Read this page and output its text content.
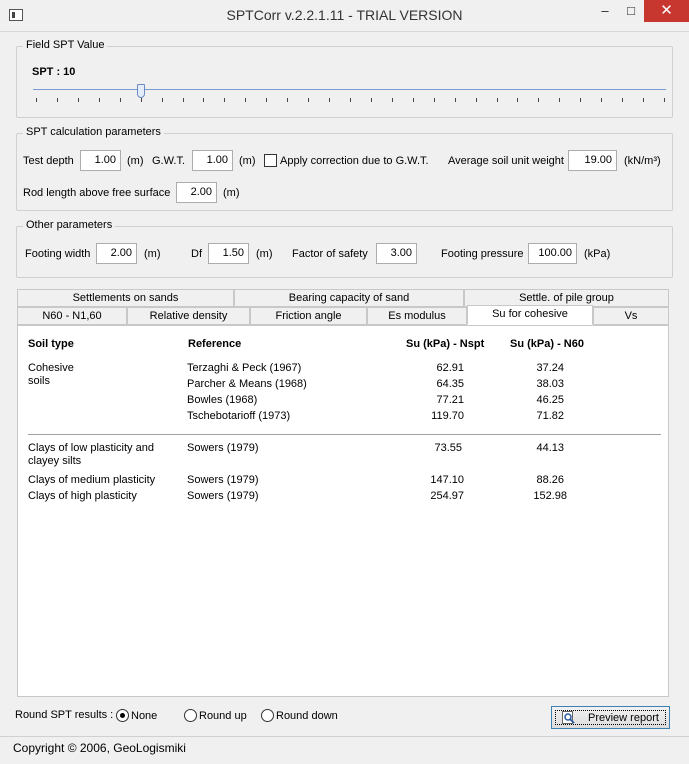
SPTCorr v.2.2.1.11 - TRIAL VERSION	–	□	✕
Field SPT Value
SPT : 10
SPT calculation parameters
Test depth	1.00	(m) G.W.T.	1.00	(m) Apply correction due to G.W.T. Average soil unit weight	19.00	(kN/m³)
Rod length above free surface	2.00	(m)
Other parameters
Footing width	2.00	(m)	Df	1.50	(m) Factor of safety	3.00	Footing pressure	100.00	(kPa)
Settlements on sands	Bearing capacity of sand	Settle. of pile group
N60 - N1,60	Relative density	Friction angle	Es modulus	Vs
Su for cohesive
Soil type	Reference	Su (kPa) - Nspt Su (kPa) - N60
Cohesive
soils
Terzaghi & Peck (1967)	62.91	37.24
Parcher & Means (1968)	64.35	38.03
Bowles (1968)	77.21	46.25
Tschebotarioff (1973)	119.70	71.82
Clays of low plasticity and
clayey silts
Sowers (1979)	73.55	44.13
Clays of medium plasticity	Sowers (1979)	147.10	88.26
Clays of high plasticity	Sowers (1979)	254.97	152.98
Round SPT results : None	Round up	Round down	Preview report
Copyright © 2006, GeoLogismiki
